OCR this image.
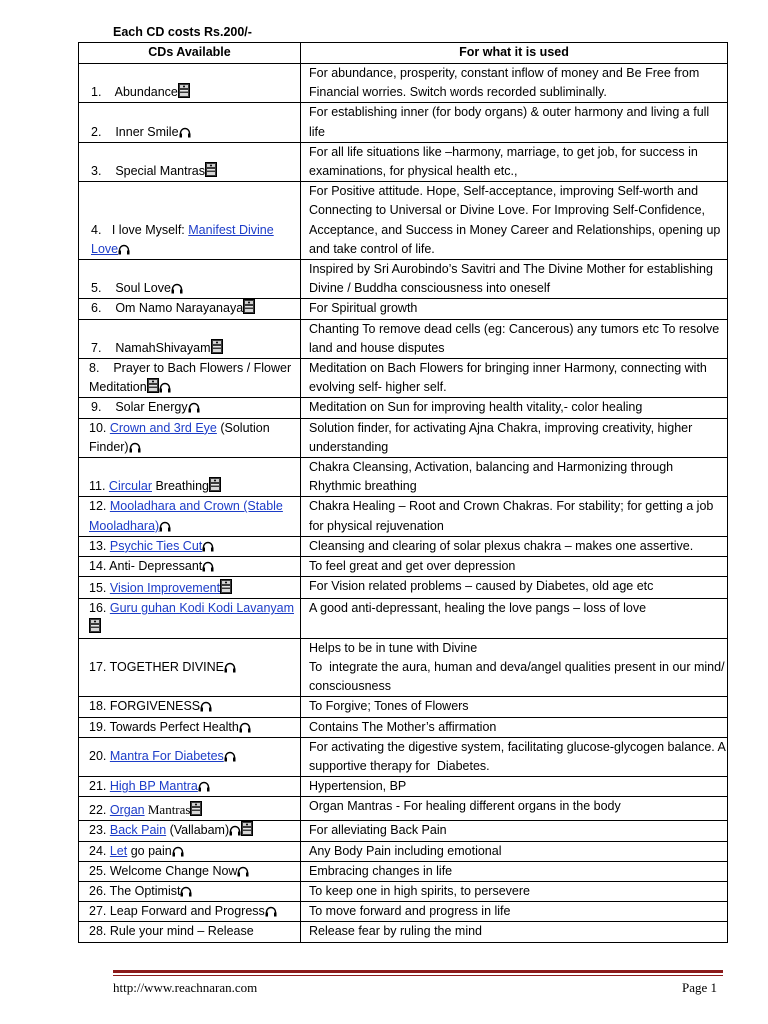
Each CD costs Rs.200/-
CDs Available	For what it is used
1.    Abundance	For abundance, prosperity, constant inflow of money and Be Free from Financial worries. Switch words recorded subliminally.
2.    Inner Smile	For establishing inner (for body organs) & outer harmony and living a full life
3.    Special Mantras	For all life situations like –harmony, marriage, to get job, for success in examinations, for physical health etc.,
4.   I love Myself: Manifest Divine Love	For Positive attitude. Hope, Self-acceptance, improving Self-worth and Connecting to Universal or Divine Love. For Improving Self-Confidence, Acceptance, and Success in Money Career and Relationships, opening up and take control of life.
5.    Soul Love	Inspired by Sri Aurobindo’s Savitri and The Divine Mother for establishing Divine / Buddha consciousness into oneself
6.    Om Namo Narayanaya	For Spiritual growth
7.    NamahShivayam	Chanting To remove dead cells (eg: Cancerous) any tumors etc To resolve land and house disputes
8.    Prayer to Bach Flowers / Flower Meditation	Meditation on Bach Flowers for bringing inner Harmony, connecting with evolving self- higher self.
9.    Solar Energy	Meditation on Sun for improving health vitality,- color healing
10. Crown and 3rd Eye (Solution Finder)	Solution finder, for activating Ajna Chakra, improving creativity, higher understanding
11. Circular Breathing	Chakra Cleansing, Activation, balancing and Harmonizing through Rhythmic breathing
12. Mooladhara and Crown (Stable Mooladhara)	Chakra Healing – Root and Crown Chakras. For stability; for getting a job for physical rejuvenation
13. Psychic Ties Cut	Cleansing and clearing of solar plexus chakra – makes one assertive.
14. Anti- Depressant	To feel great and get over depression
15. Vision Improvement	For Vision related problems – caused by Diabetes, old age etc
16. Guru guhan Kodi Kodi Lavanyam	A good anti-depressant, healing the love pangs – loss of love
17. TOGETHER DIVINE	Helps to be in tune with Divine
To  integrate the aura, human and deva/angel qualities present in our mind/ consciousness
18. FORGIVENESS	To Forgive; Tones of Flowers
19. Towards Perfect Health	Contains The Mother’s affirmation
20. Mantra For Diabetes	For activating the digestive system, facilitating glucose-glycogen balance. A supportive therapy for  Diabetes.
21. High BP Mantra	Hypertension, BP
22. Organ Mantras	Organ Mantras - For healing different organs in the body
23. Back Pain (Vallabam)	For alleviating Back Pain
24. Let go pain	Any Body Pain including emotional
25. Welcome Change Now	Embracing changes in life
26. The Optimist	To keep one in high spirits, to persevere
27. Leap Forward and Progress	To move forward and progress in life
28. Rule your mind – Release	Release fear by ruling the mind
http://www.reachnaran.com	Page 1
